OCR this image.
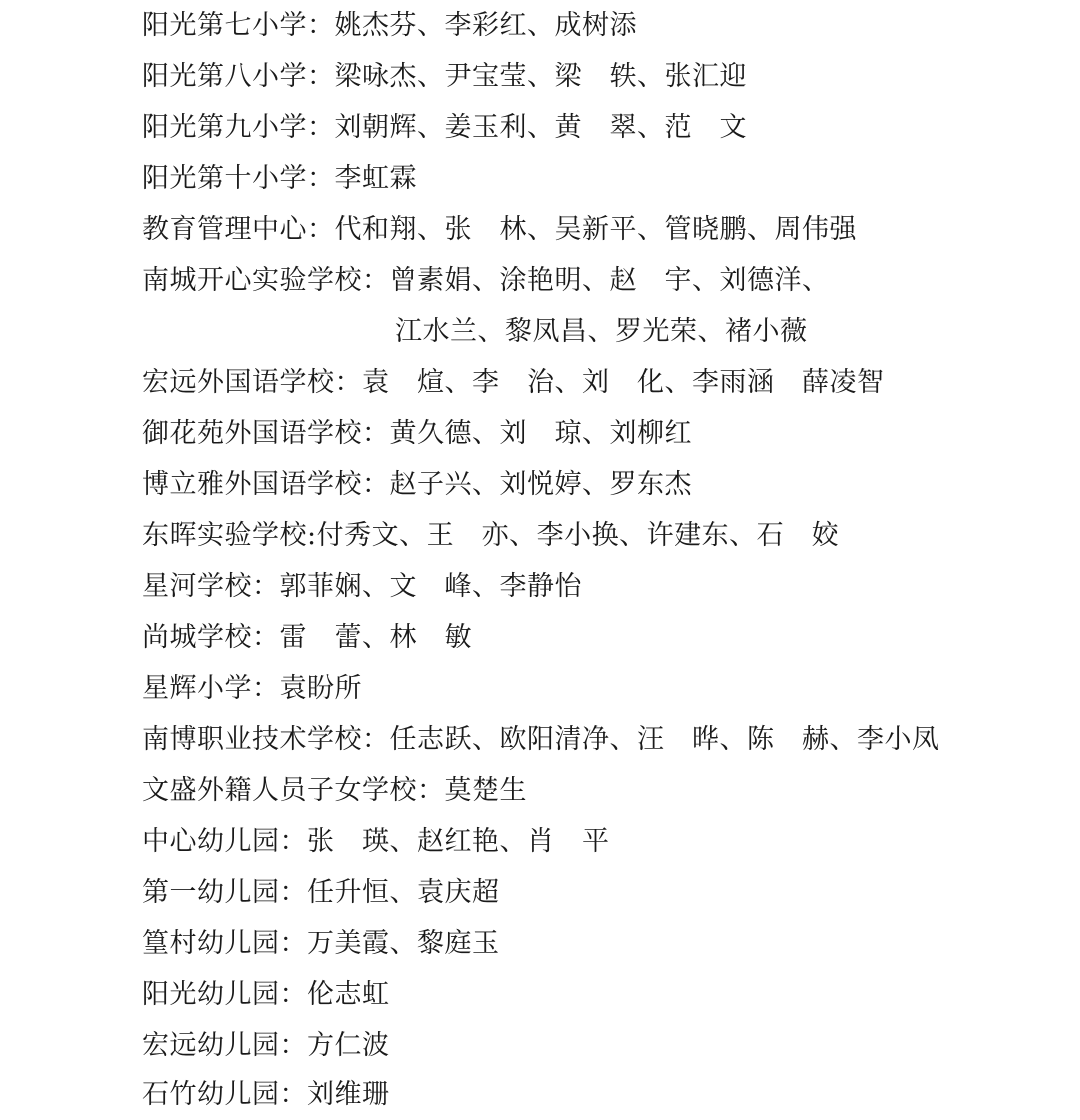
阳光第七小学：姚杰芬、李彩红、成树添
阳光第八小学：梁咏杰、尹宝莹、梁　轶、张汇迎
阳光第九小学：刘朝辉、姜玉利、黄　翠、范　文
阳光第十小学：李虹霖
教育管理中心：代和翔、张　林、吴新平、管晓鹏、周伟强
南城开心实验学校：曾素娟、涂艳明、赵　宇、刘德洋、
江水兰、黎凤昌、罗光荣、褚小薇
宏远外国语学校：袁　煊、李　治、刘　化、李雨涵　薛凌智
御花苑外国语学校：黄久德、刘　琼、刘柳红
博立雅外国语学校：赵子兴、刘悦婷、罗东杰
东晖实验学校:付秀文、王　亦、李小换、许建东、石　姣
星河学校：郭菲娴、文　峰、李静怡
尚城学校：雷　蕾、林　敏
星辉小学：袁盼所
南博职业技术学校：任志跃、欧阳清净、汪　晔、陈　赫、李小凤
文盛外籍人员子女学校：莫楚生
中心幼儿园：张　瑛、赵红艳、肖　平
第一幼儿园：任升恒、袁庆超
篁村幼儿园：万美霞、黎庭玉
阳光幼儿园：伦志虹
宏远幼儿园：方仁波
石竹幼儿园：刘维珊
